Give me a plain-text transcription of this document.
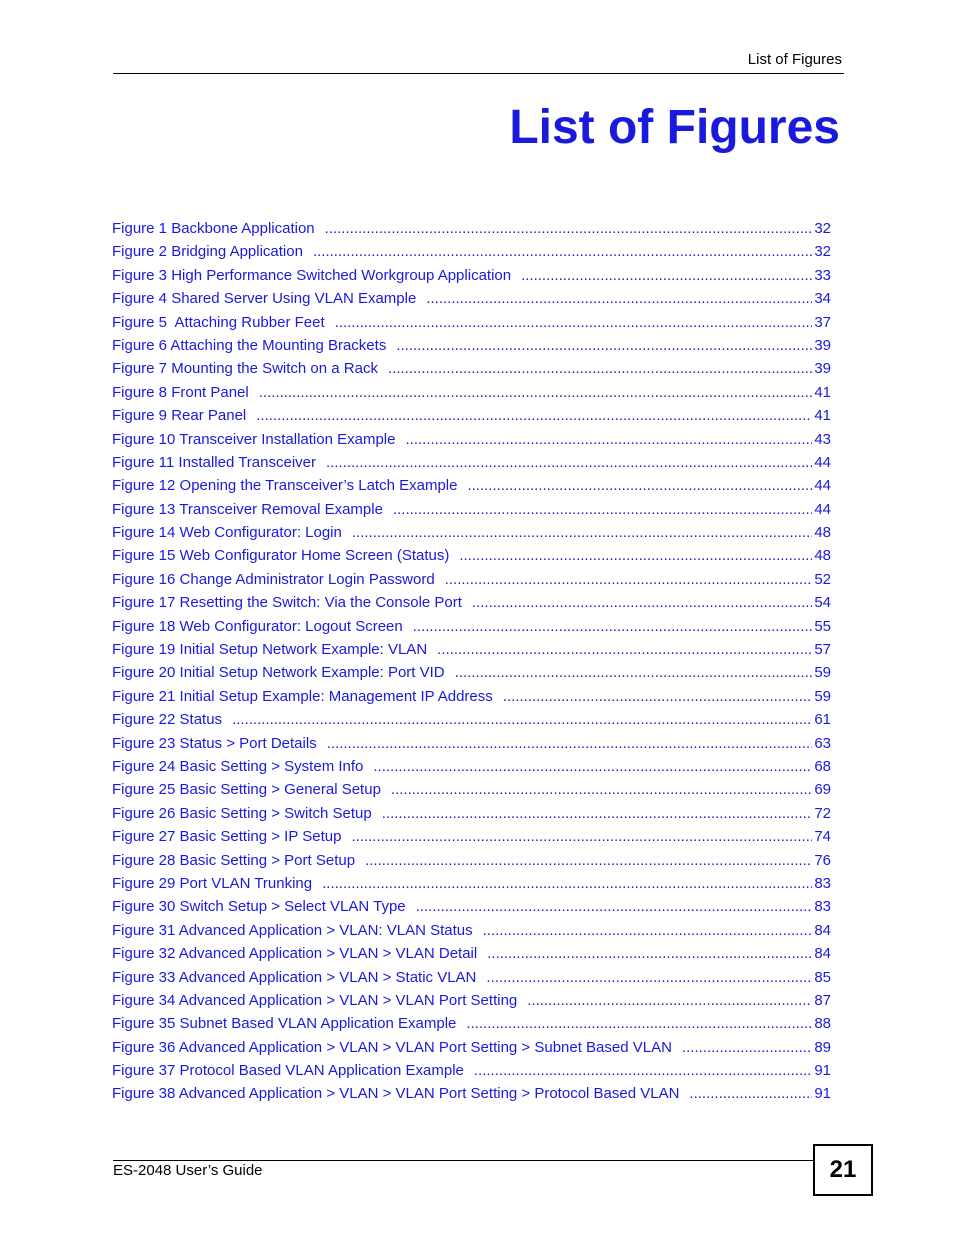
List of Figures
List of Figures
Figure 1 Backbone Application .....	32
Figure 2 Bridging Application .....	32
Figure 3 High Performance Switched Workgroup Application .....	33
Figure 4 Shared Server Using VLAN Example .....	34
Figure 5  Attaching Rubber Feet .....	37
Figure 6 Attaching the Mounting Brackets .....	39
Figure 7 Mounting the Switch on a Rack .....	39
Figure 8 Front Panel .....	41
Figure 9 Rear Panel .....	41
Figure 10 Transceiver Installation Example .....	43
Figure 11 Installed Transceiver .....	44
Figure 12 Opening the Transceiver’s Latch Example .....	44
Figure 13 Transceiver Removal Example .....	44
Figure 14 Web Configurator: Login .....	48
Figure 15 Web Configurator Home Screen (Status) .....	48
Figure 16 Change Administrator Login Password .....	52
Figure 17 Resetting the Switch: Via the Console Port .....	54
Figure 18 Web Configurator: Logout Screen .....	55
Figure 19 Initial Setup Network Example: VLAN .....	57
Figure 20 Initial Setup Network Example: Port VID .....	59
Figure 21 Initial Setup Example: Management IP Address .....	59
Figure 22 Status .....	61
Figure 23 Status > Port Details .....	63
Figure 24 Basic Setting > System Info .....	68
Figure 25 Basic Setting > General Setup .....	69
Figure 26 Basic Setting > Switch Setup .....	72
Figure 27 Basic Setting > IP Setup .....	74
Figure 28 Basic Setting > Port Setup .....	76
Figure 29 Port VLAN Trunking .....	83
Figure 30 Switch Setup > Select VLAN Type .....	83
Figure 31 Advanced Application > VLAN: VLAN Status .....	84
Figure 32 Advanced Application > VLAN > VLAN Detail .....	84
Figure 33 Advanced Application > VLAN > Static VLAN .....	85
Figure 34 Advanced Application > VLAN > VLAN Port Setting .....	87
Figure 35 Subnet Based VLAN Application Example .....	88
Figure 36 Advanced Application > VLAN > VLAN Port Setting > Subnet Based VLAN .....	89
Figure 37 Protocol Based VLAN Application Example .....	91
Figure 38 Advanced Application > VLAN > VLAN Port Setting > Protocol Based VLAN .....	91
ES-2048 User’s Guide	21
